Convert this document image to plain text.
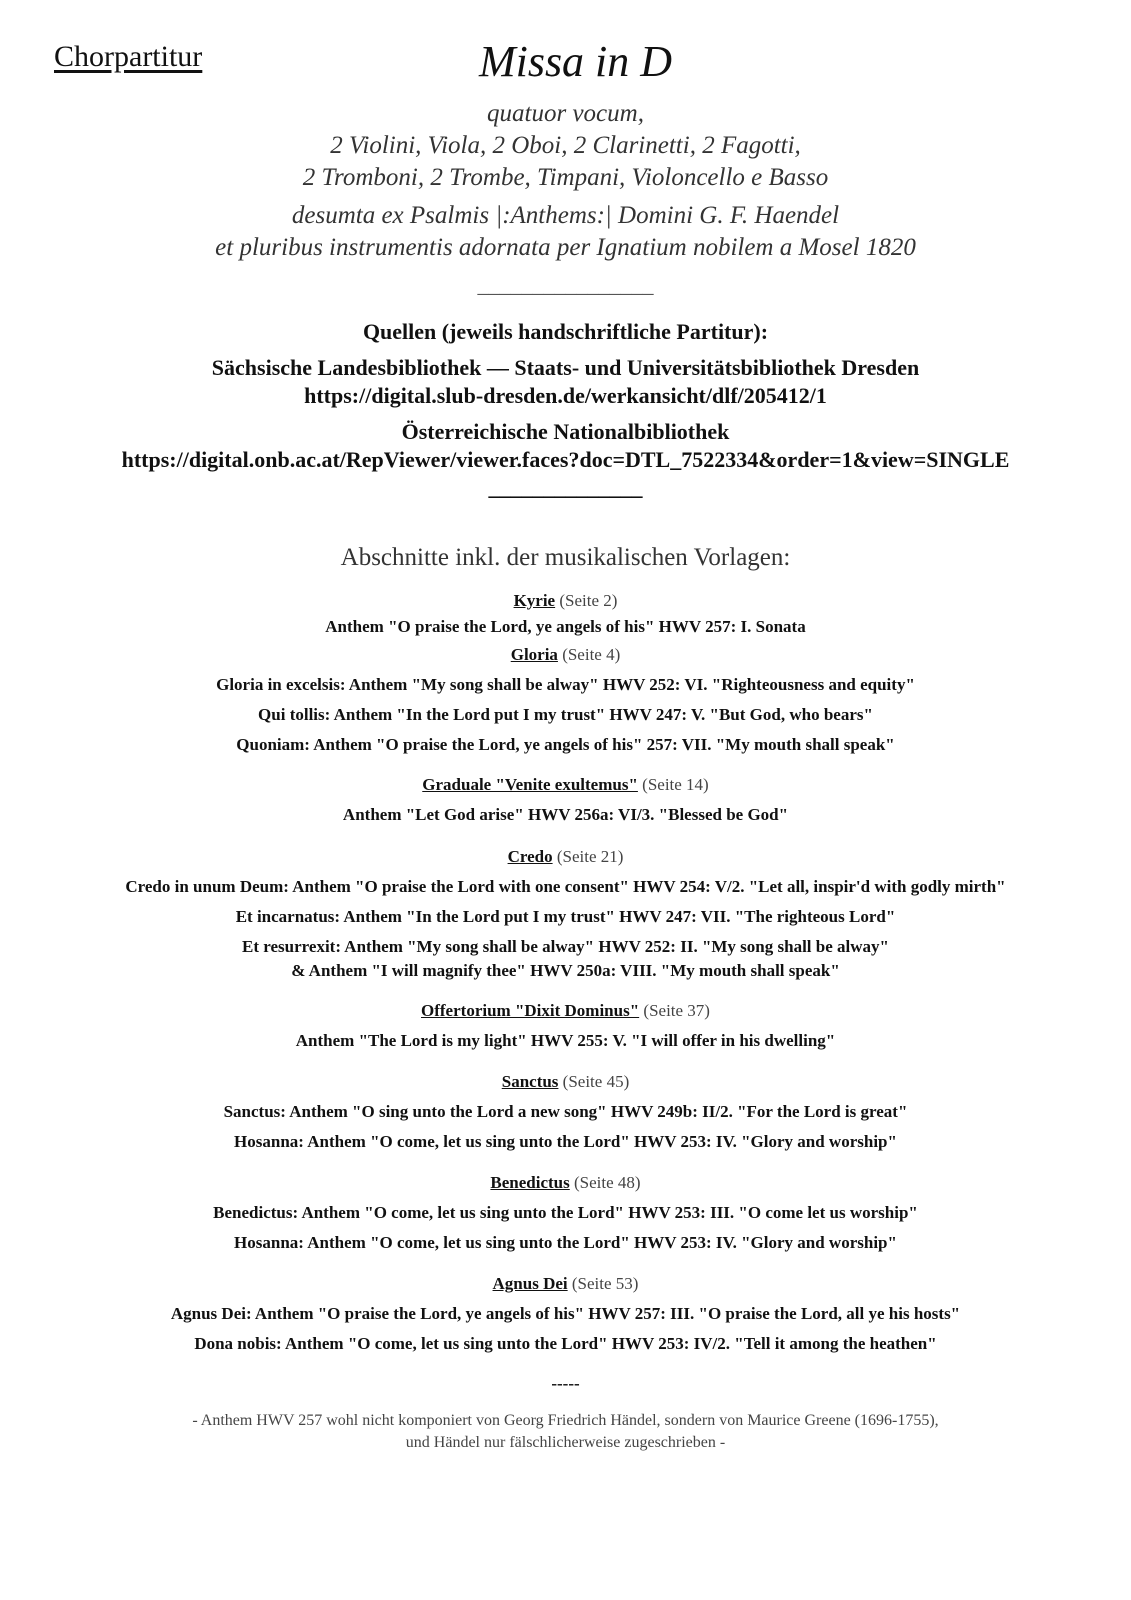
Chorpartitur	Missa in D
quatuor vocum,
2 Violini, Viola, 2 Oboi, 2 Clarinetti, 2 Fagotti,
2 Tromboni, 2 Trombe, Timpani, Violoncello e Basso
desumta ex Psalmis |:Anthems:| Domini G. F. Haendel
et pluribus instrumentis adornata per Ignatium nobilem a Mosel 1820
________________
Quellen (jeweils handschriftliche Partitur):
Sächsische Landesbibliothek — Staats- und Universitätsbibliothek Dresden
https://digital.slub-dresden.de/werkansicht/dlf/205412/1
Österreichische Nationalbibliothek
https://digital.onb.ac.at/RepViewer/viewer.faces?doc=DTL_7522334&order=1&view=SINGLE
______________
Abschnitte inkl. der musikalischen Vorlagen:
Kyrie (Seite 2)
Anthem "O praise the Lord, ye angels of his" HWV 257: I. Sonata
Gloria (Seite 4)
Gloria in excelsis: Anthem "My song shall be alway" HWV 252: VI. "Righteousness and equity"
Qui tollis: Anthem "In the Lord put I my trust" HWV 247: V. "But God, who bears"
Quoniam: Anthem "O praise the Lord, ye angels of his" 257: VII. "My mouth shall speak"
Graduale "Venite exultemus" (Seite 14)
Anthem "Let God arise" HWV 256a: VI/3. "Blessed be God"
Credo (Seite 21)
Credo in unum Deum: Anthem "O praise the Lord with one consent" HWV 254: V/2. "Let all, inspir'd with godly mirth"
Et incarnatus: Anthem "In the Lord put I my trust" HWV 247: VII. "The righteous Lord"
Et resurrexit: Anthem "My song shall be alway" HWV 252: II. "My song shall be alway"
& Anthem "I will magnify thee" HWV 250a: VIII. "My mouth shall speak"
Offertorium "Dixit Dominus" (Seite 37)
Anthem "The Lord is my light" HWV 255: V. "I will offer in his dwelling"
Sanctus (Seite 45)
Sanctus: Anthem "O sing unto the Lord a new song" HWV 249b: II/2. "For the Lord is great"
Hosanna: Anthem "O come, let us sing unto the Lord" HWV 253: IV. "Glory and worship"
Benedictus (Seite 48)
Benedictus: Anthem "O come, let us sing unto the Lord" HWV 253: III. "O come let us worship"
Hosanna: Anthem "O come, let us sing unto the Lord" HWV 253: IV. "Glory and worship"
Agnus Dei (Seite 53)
Agnus Dei: Anthem "O praise the Lord, ye angels of his" HWV 257: III. "O praise the Lord, all ye his hosts"
Dona nobis: Anthem "O come, let us sing unto the Lord" HWV 253: IV/2. "Tell it among the heathen"
-----
- Anthem HWV 257 wohl nicht komponiert von Georg Friedrich Händel, sondern von Maurice Greene (1696-1755),
und Händel nur fälschlicherweise zugeschrieben -
